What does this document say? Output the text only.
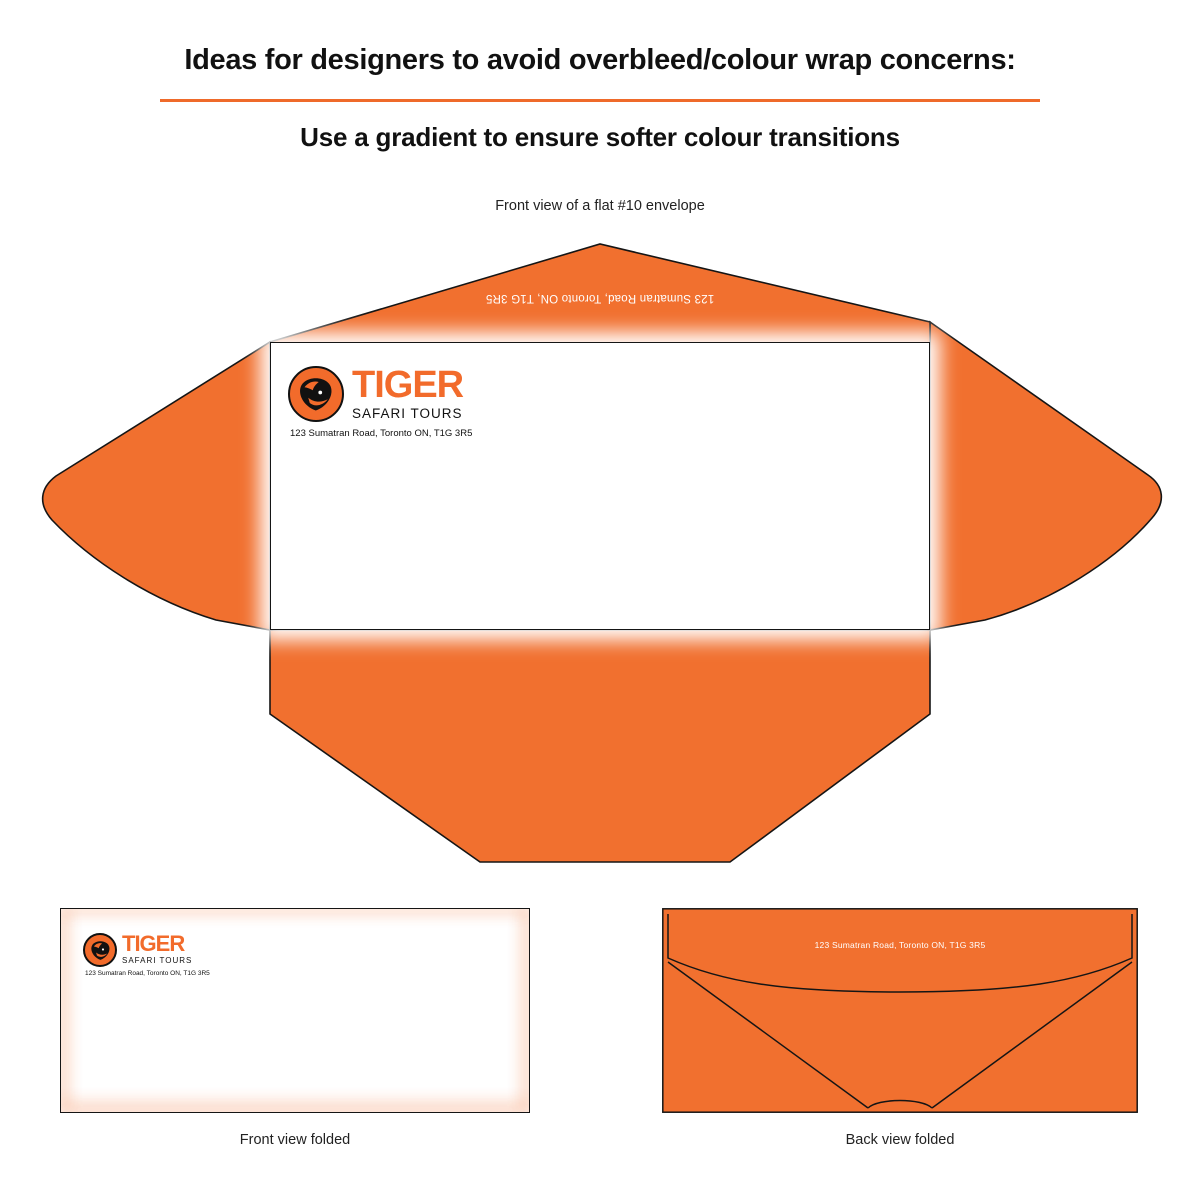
Ideas for designers to avoid overbleed/colour wrap concerns:
Use a gradient to ensure softer colour transitions
Front view of a flat #10 envelope
123 Sumatran Road, Toronto ON, T1G 3R5
TIGER
SAFARI TOURS
123 Sumatran Road, Toronto ON, T1G 3R5
TIGER
SAFARI TOURS
123 Sumatran Road, Toronto ON, T1G 3R5
123 Sumatran Road, Toronto ON, T1G 3R5
Front view folded	Back view folded
